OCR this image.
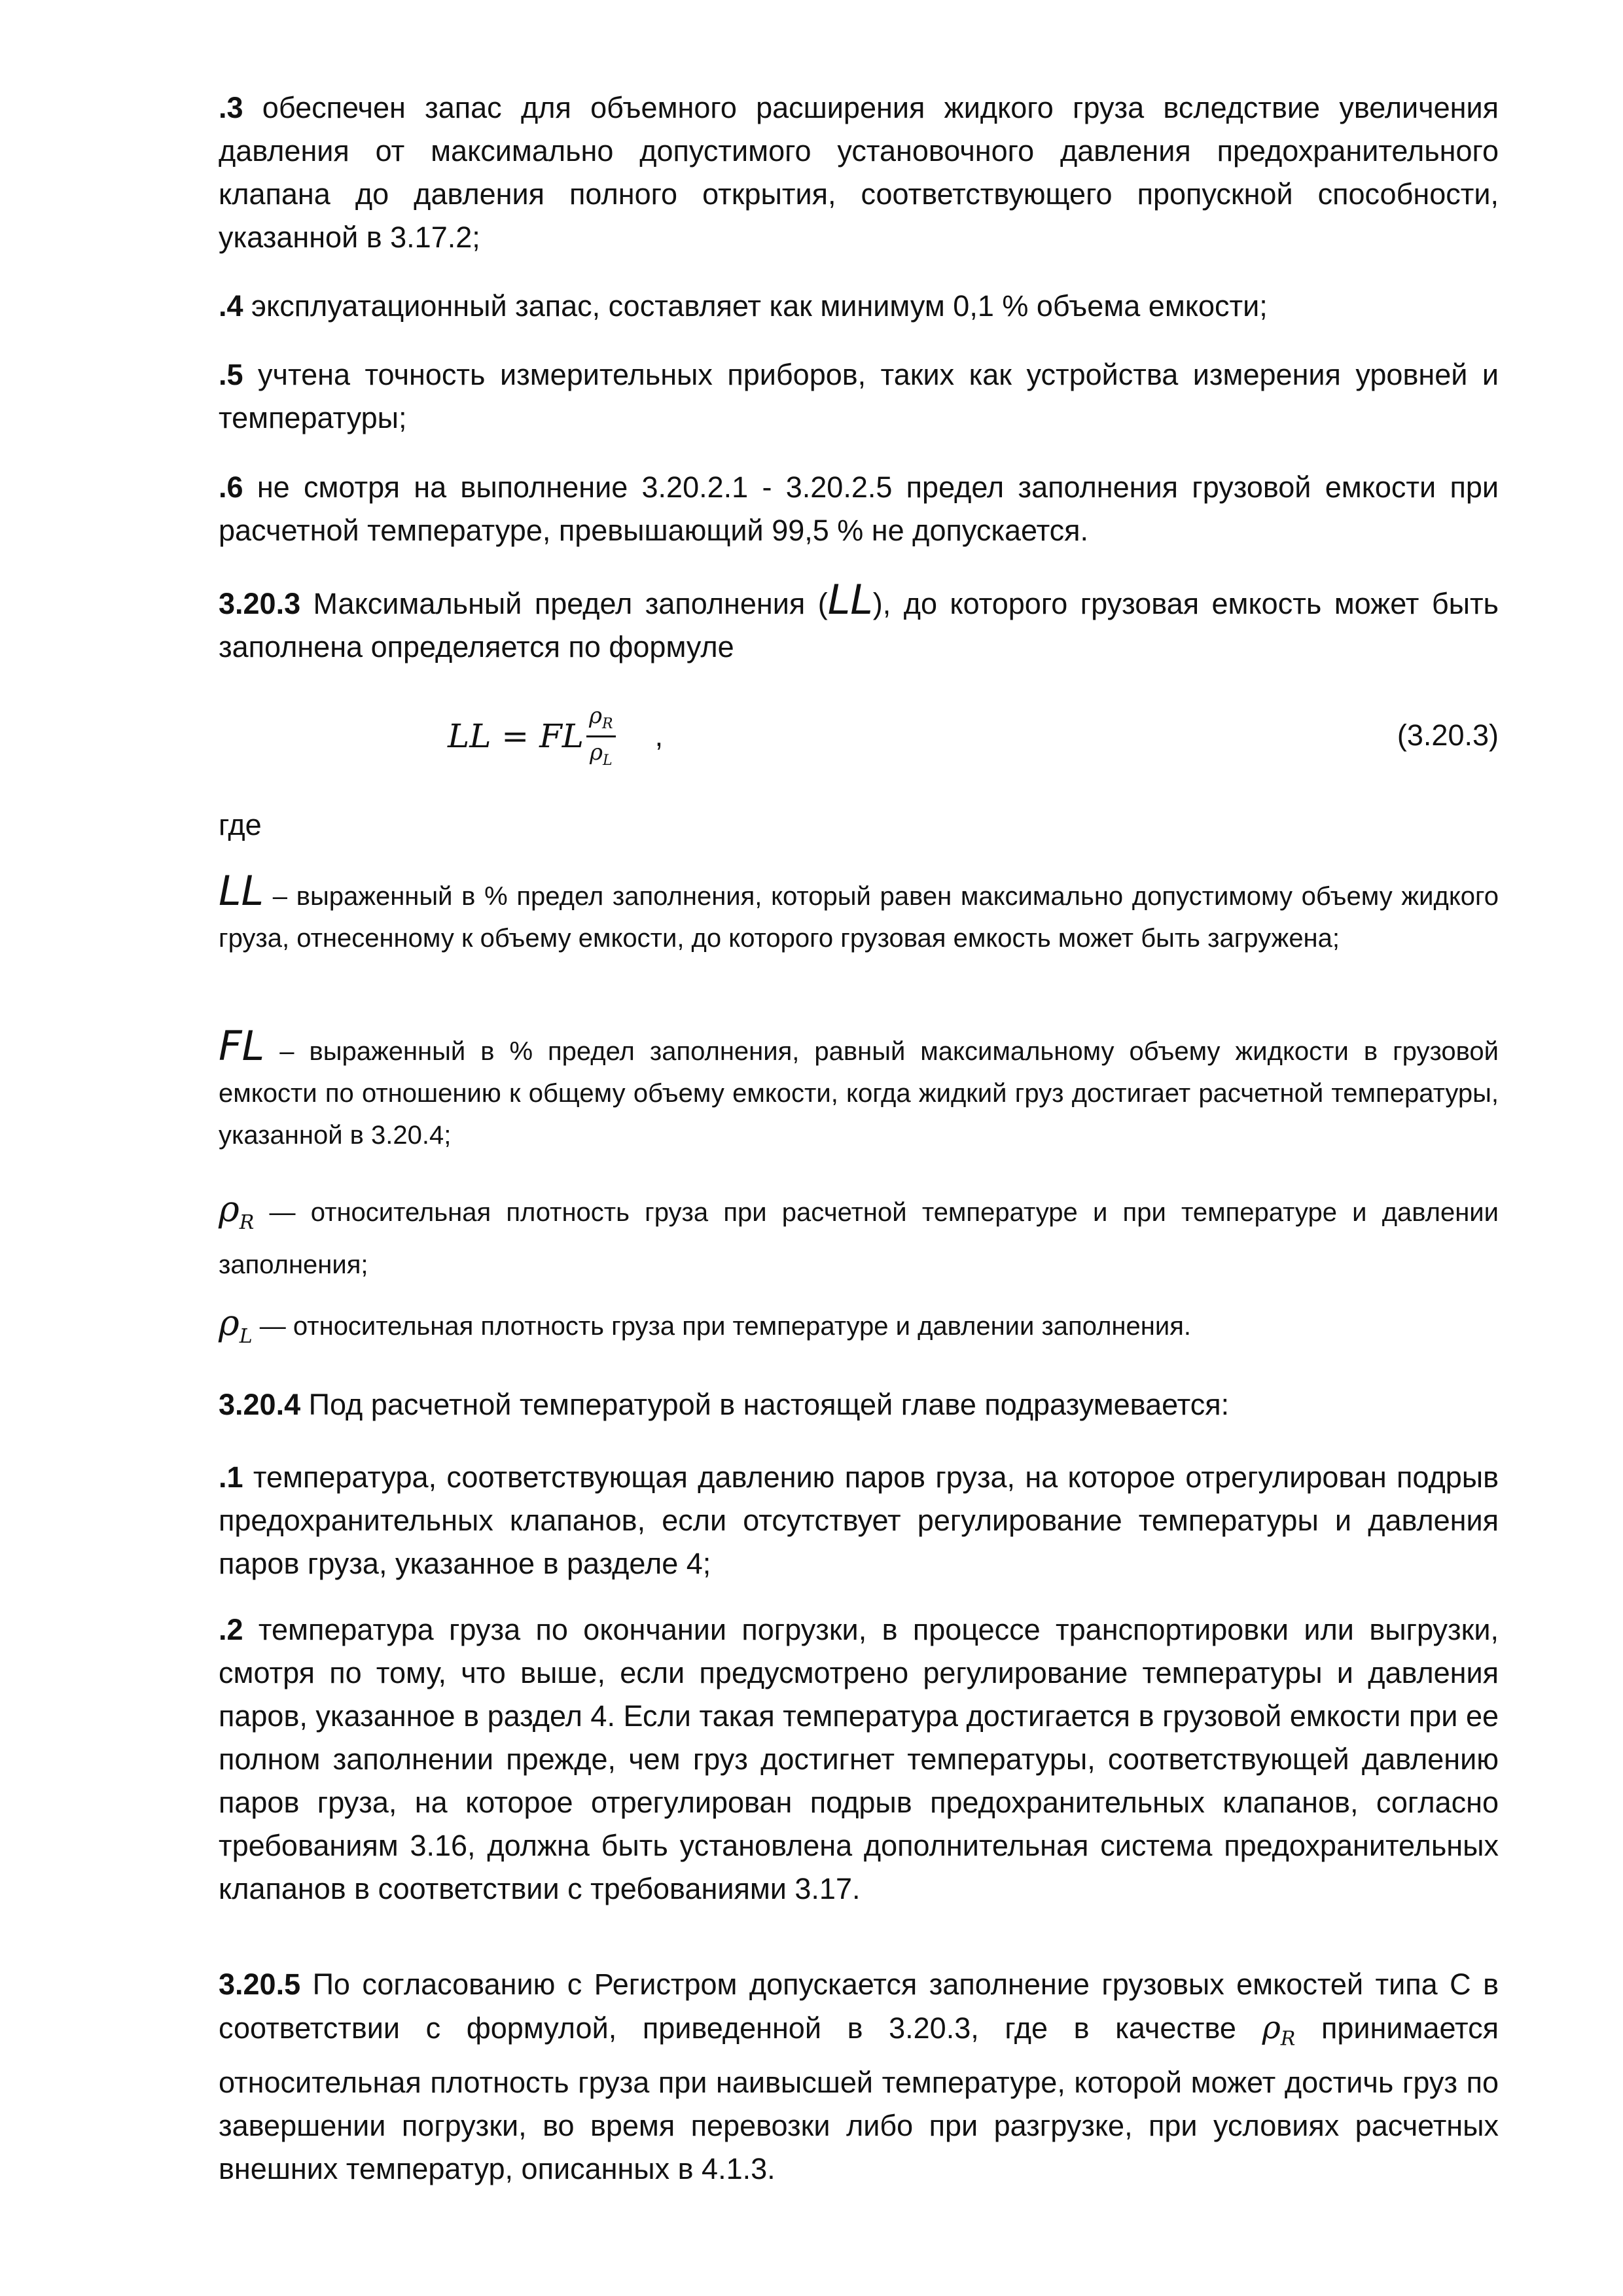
.3 обеспечен запас для объемного расширения жидкого груза вследствие увеличения давления от максимально допустимого установочного давления предохранительного клапана до давления полного открытия, соответствующего пропускной способности, указанной в 3.17.2;
.4 эксплуатационный запас, составляет как минимум 0,1 % объема емкости;
.5 учтена точность измерительных приборов, таких как устройства измерения уровней и температуры;
.6 не смотря на выполнение 3.20.2.1 - 3.20.2.5 предел заполнения грузовой емкости при расчетной температуре, превышающий 99,5 % не допускается.
3.20.3 Максимальный предел заполнения (LL), до которого грузовая емкость может быть заполнена определяется по формуле
LL = FL $\frac{\rho_R}{\rho_L}$ ,	(3.20.3)
где
LL – выраженный в % предел заполнения, который равен максимально допустимому объему жидкого груза, отнесенному к объему емкости, до которого грузовая емкость может быть загружена;
FL – выраженный в % предел заполнения, равный максимальному объему жидкости в грузовой емкости по отношению к общему объему емкости, когда жидкий груз достигает расчетной температуры, указанной в 3.20.4;
$\rho_R$ — относительная плотность груза при расчетной температуре и при температуре и давлении заполнения;
$\rho_L$ — относительная плотность груза при температуре и давлении заполнения.
3.20.4 Под расчетной температурой в настоящей главе подразумевается:
.1 температура, соответствующая давлению паров груза, на которое отрегулирован подрыв предохранительных клапанов, если отсутствует регулирование температуры и давления паров груза, указанное в разделе 4;
.2 температура груза по окончании погрузки, в процессе транспортировки или выгрузки, смотря по тому, что выше, если предусмотрено регулирование температуры и давления паров, указанное в раздел 4. Если такая температура достигается в грузовой емкости при ее полном заполнении прежде, чем груз достигнет температуры, соответствующей давлению паров груза, на которое отрегулирован подрыв предохранительных клапанов, согласно требованиям 3.16, должна быть установлена дополнительная система предохранительных клапанов в соответствии с требованиями 3.17.
3.20.5 По согласованию с Регистром допускается заполнение грузовых емкостей типа С в соответствии с формулой, приведенной в 3.20.3, где в качестве $\rho_R$ принимается относительная плотность груза при наивысшей температуре, которой может достичь груз по завершении погрузки, во время перевозки либо при разгрузке, при условиях расчетных внешних температур, описанных в 4.1.3.
